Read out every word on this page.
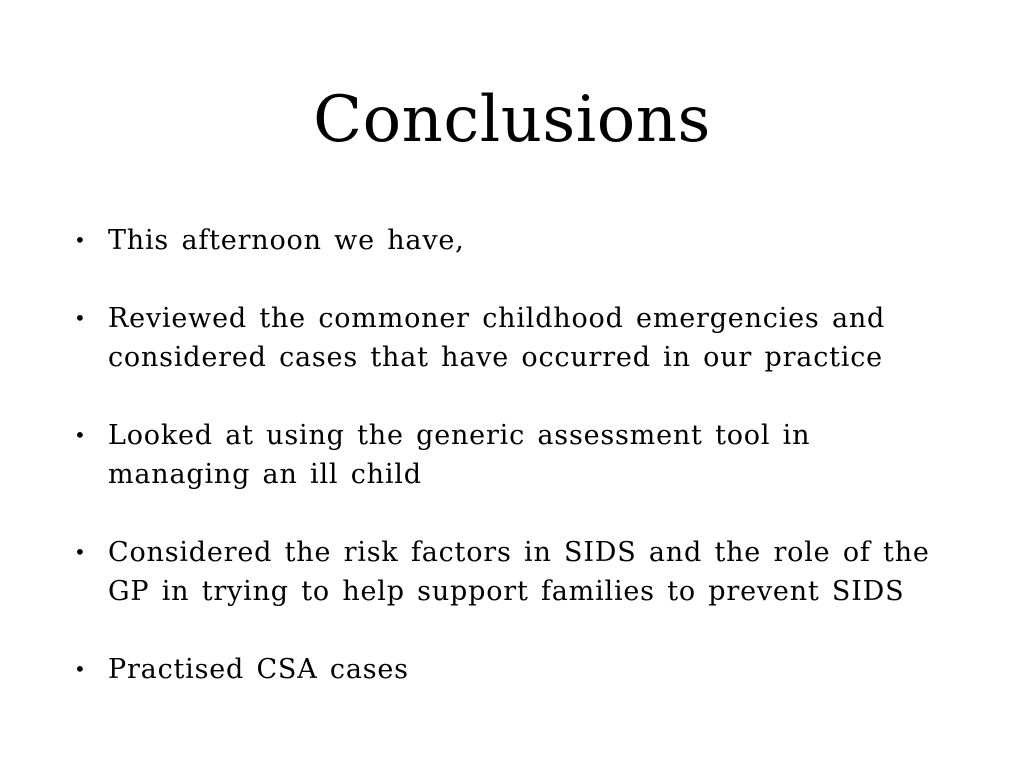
Conclusions
• This afternoon we have,
• Reviewed the commoner childhood emergencies and
considered cases that have occurred in our practice
• Looked at using the generic assessment tool in
managing an ill child
• Considered the risk factors in SIDS and the role of the
GP in trying to help support families to prevent SIDS
• Practised CSA cases
